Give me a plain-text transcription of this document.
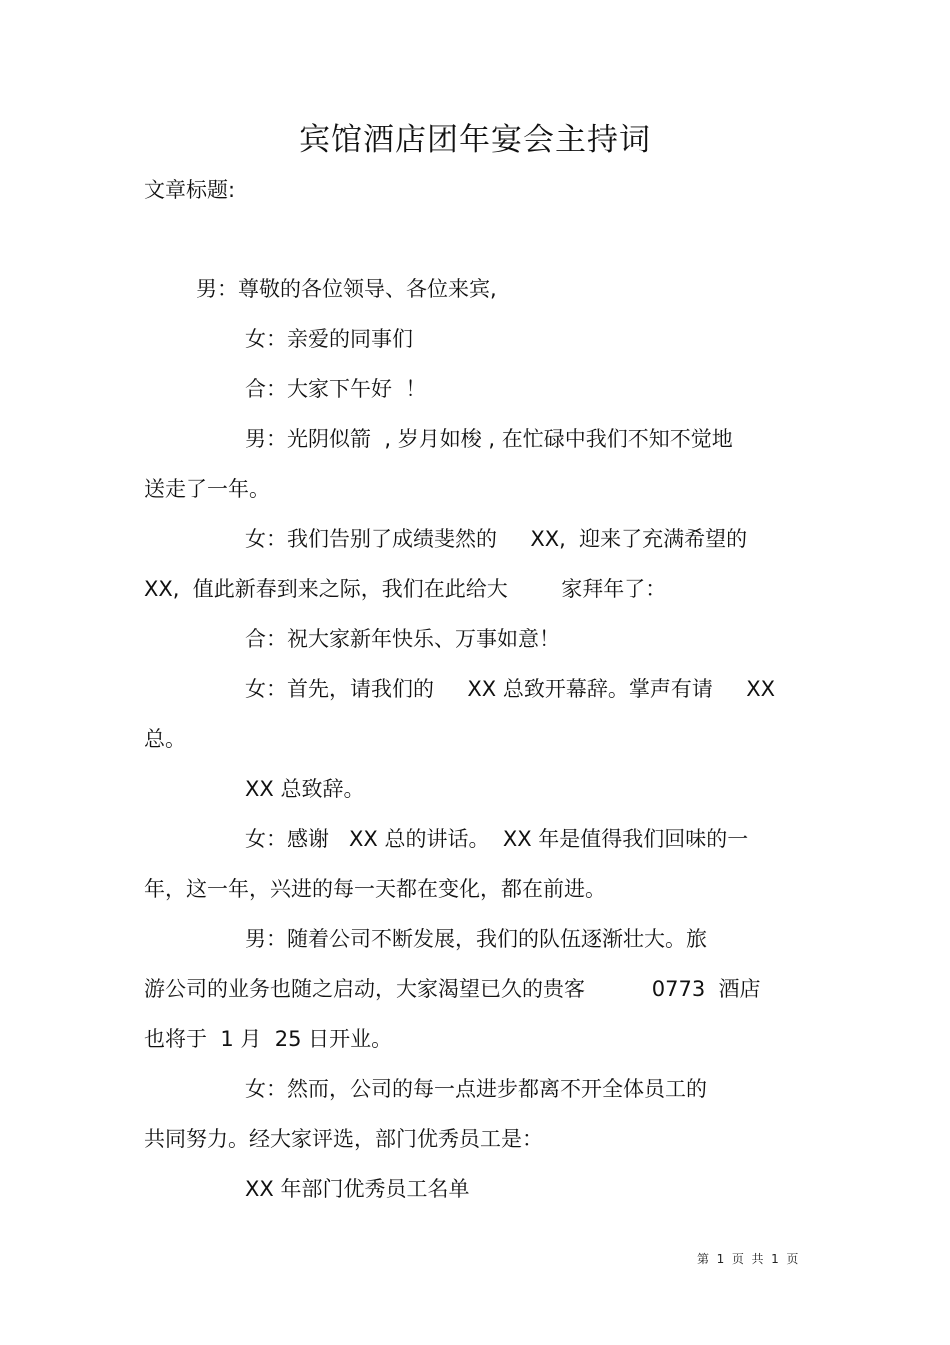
宾馆酒店团年宴会主持词
文章标题:
男：尊敬的各位领导、各位来宾,
女：亲爱的同事们
合：大家下午好  ！
男：光阴似箭  , 岁月如梭 , 在忙碌中我们不知不觉地
送走了一年。
女：我们告别了成绩斐然的     XX,  迎来了充满希望的
XX,  值此新春到来之际，我们在此给大        家拜年了：
合：祝大家新年快乐、万事如意！
女：首先，请我们的     XX 总致开幕辞。掌声有请     XX
总。
XX 总致辞。
女：感谢   XX 总的讲话。  XX 年是值得我们回味的一
年，这一年，兴进的每一天都在变化，都在前进。
男：随着公司不断发展，我们的队伍逐渐壮大。旅
游公司的业务也随之启动，大家渴望已久的贵客          0773  酒店
也将于  1 月  25 日开业。
女：然而，公司的每一点进步都离不开全体员工的
共同努力。经大家评选，部门优秀员工是：
XX 年部门优秀员工名单
第  1  页  共  1  页
